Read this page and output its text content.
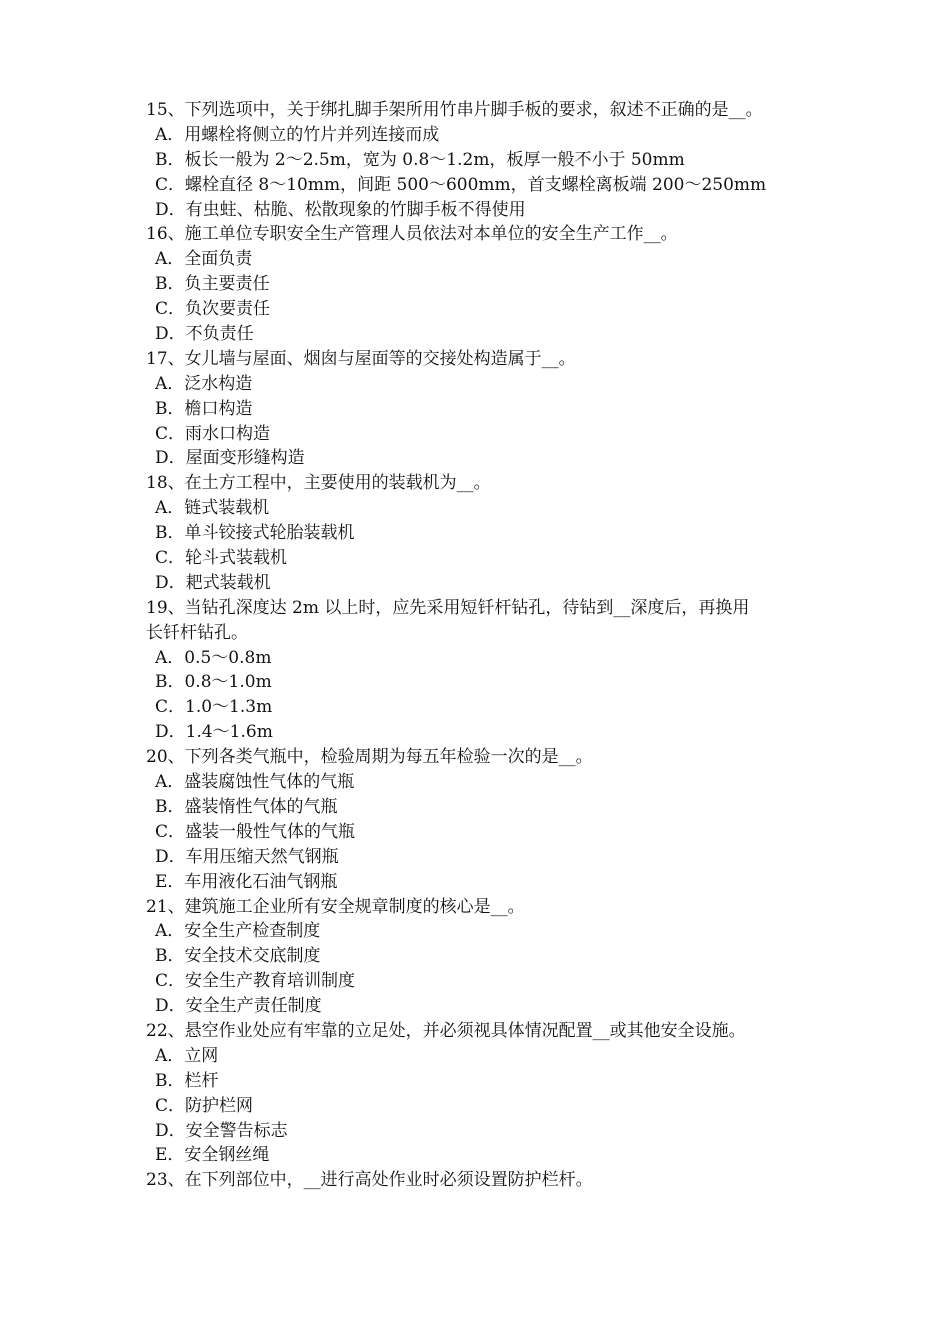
15、下列选项中，关于绑扎脚手架所用竹串片脚手板的要求，叙述不正确的是__。
A．用螺栓将侧立的竹片并列连接而成
B．板长一般为 2～2.5m，宽为 0.8～1.2m，板厚一般不小于 50mm
C．螺栓直径 8～10mm，间距 500～600mm，首支螺栓离板端 200～250mm
D．有虫蛀、枯脆、松散现象的竹脚手板不得使用
16、施工单位专职安全生产管理人员依法对本单位的安全生产工作__。
A．全面负责
B．负主要责任
C．负次要责任
D．不负责任
17、女儿墙与屋面、烟囱与屋面等的交接处构造属于__。
A．泛水构造
B．檐口构造
C．雨水口构造
D．屋面变形缝构造
18、在土方工程中，主要使用的装载机为__。
A．链式装载机
B．单斗铰接式轮胎装载机
C．轮斗式装载机
D．耙式装载机
19、当钻孔深度达 2m 以上时，应先采用短钎杆钻孔，待钻到__深度后，再换用
长钎杆钻孔。
A．0.5～0.8m
B．0.8～1.0m
C．1.0～1.3m
D．1.4～1.6m
20、下列各类气瓶中，检验周期为每五年检验一次的是__。
A．盛装腐蚀性气体的气瓶
B．盛装惰性气体的气瓶
C．盛装一般性气体的气瓶
D．车用压缩天然气钢瓶
E．车用液化石油气钢瓶
21、建筑施工企业所有安全规章制度的核心是__。
A．安全生产检查制度
B．安全技术交底制度
C．安全生产教育培训制度
D．安全生产责任制度
22、悬空作业处应有牢靠的立足处，并必须视具体情况配置__或其他安全设施。
A．立网
B．栏杆
C．防护栏网
D．安全警告标志
E．安全钢丝绳
23、在下列部位中，__进行高处作业时必须设置防护栏杆。
